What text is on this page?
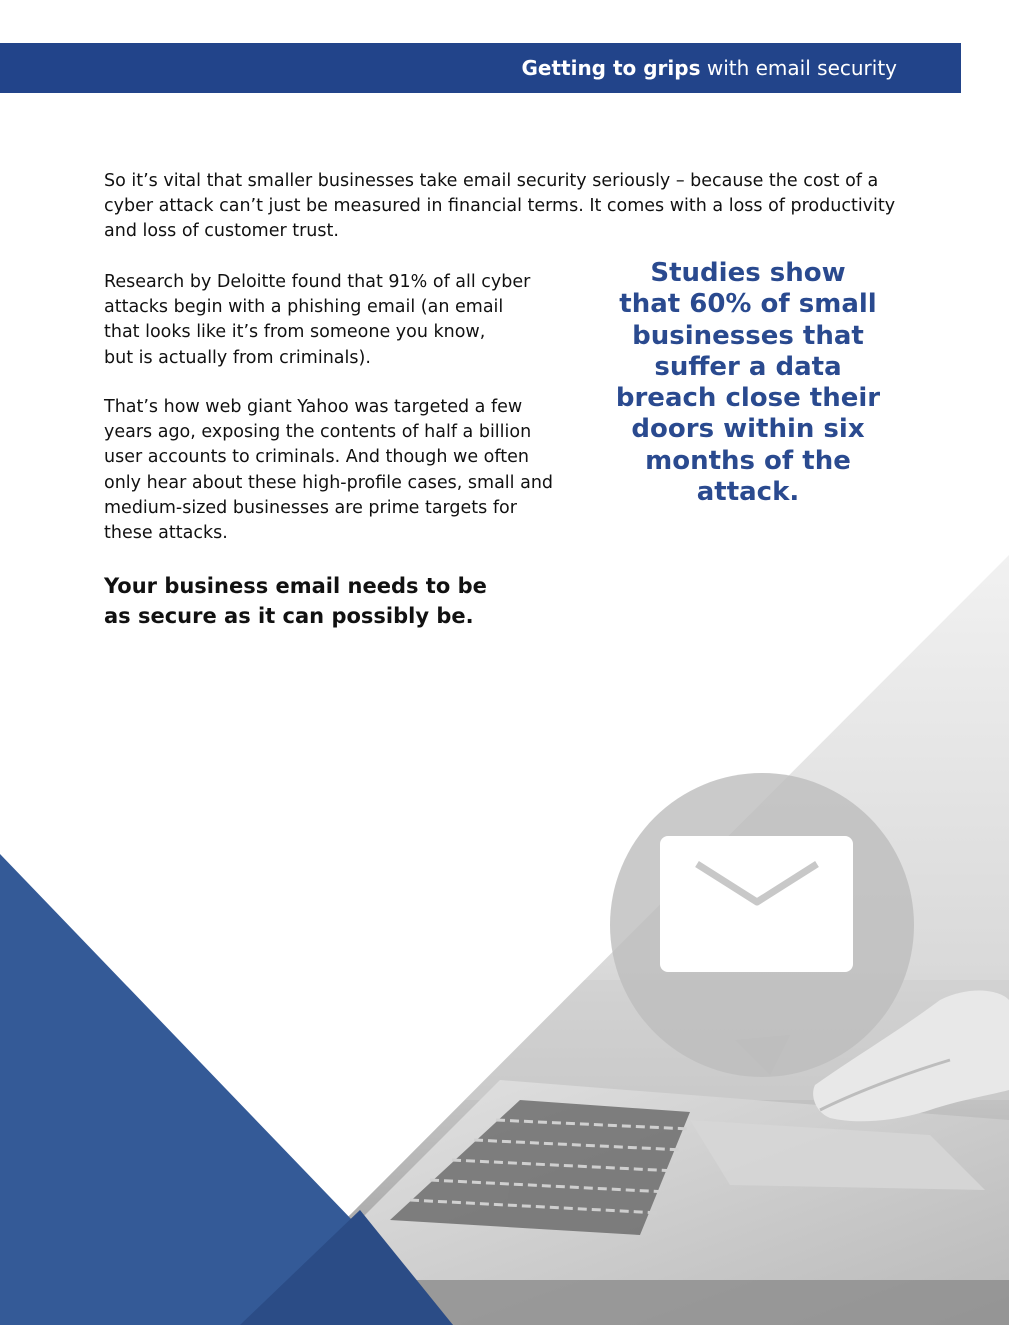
Getting to grips with email security

So it’s vital that smaller businesses take email security seriously – because the cost of a cyber attack can’t just be measured in financial terms. It comes with a loss of productivity and loss of customer trust.

Research by Deloitte found that 91% of all cyber
attacks begin with a phishing email (an email
that looks like it’s from someone you know,
but is actually from criminals).

That’s how web giant Yahoo was targeted a few
years ago, exposing the contents of half a billion
user accounts to criminals. And though we often
only hear about these high-profile cases, small and
medium-sized businesses are prime targets for
these attacks.

Your business email needs to be
as secure as it can possibly be.

Studies show
that 60% of small
businesses that
suffer a data
breach close their
doors within six
months of the
attack.
